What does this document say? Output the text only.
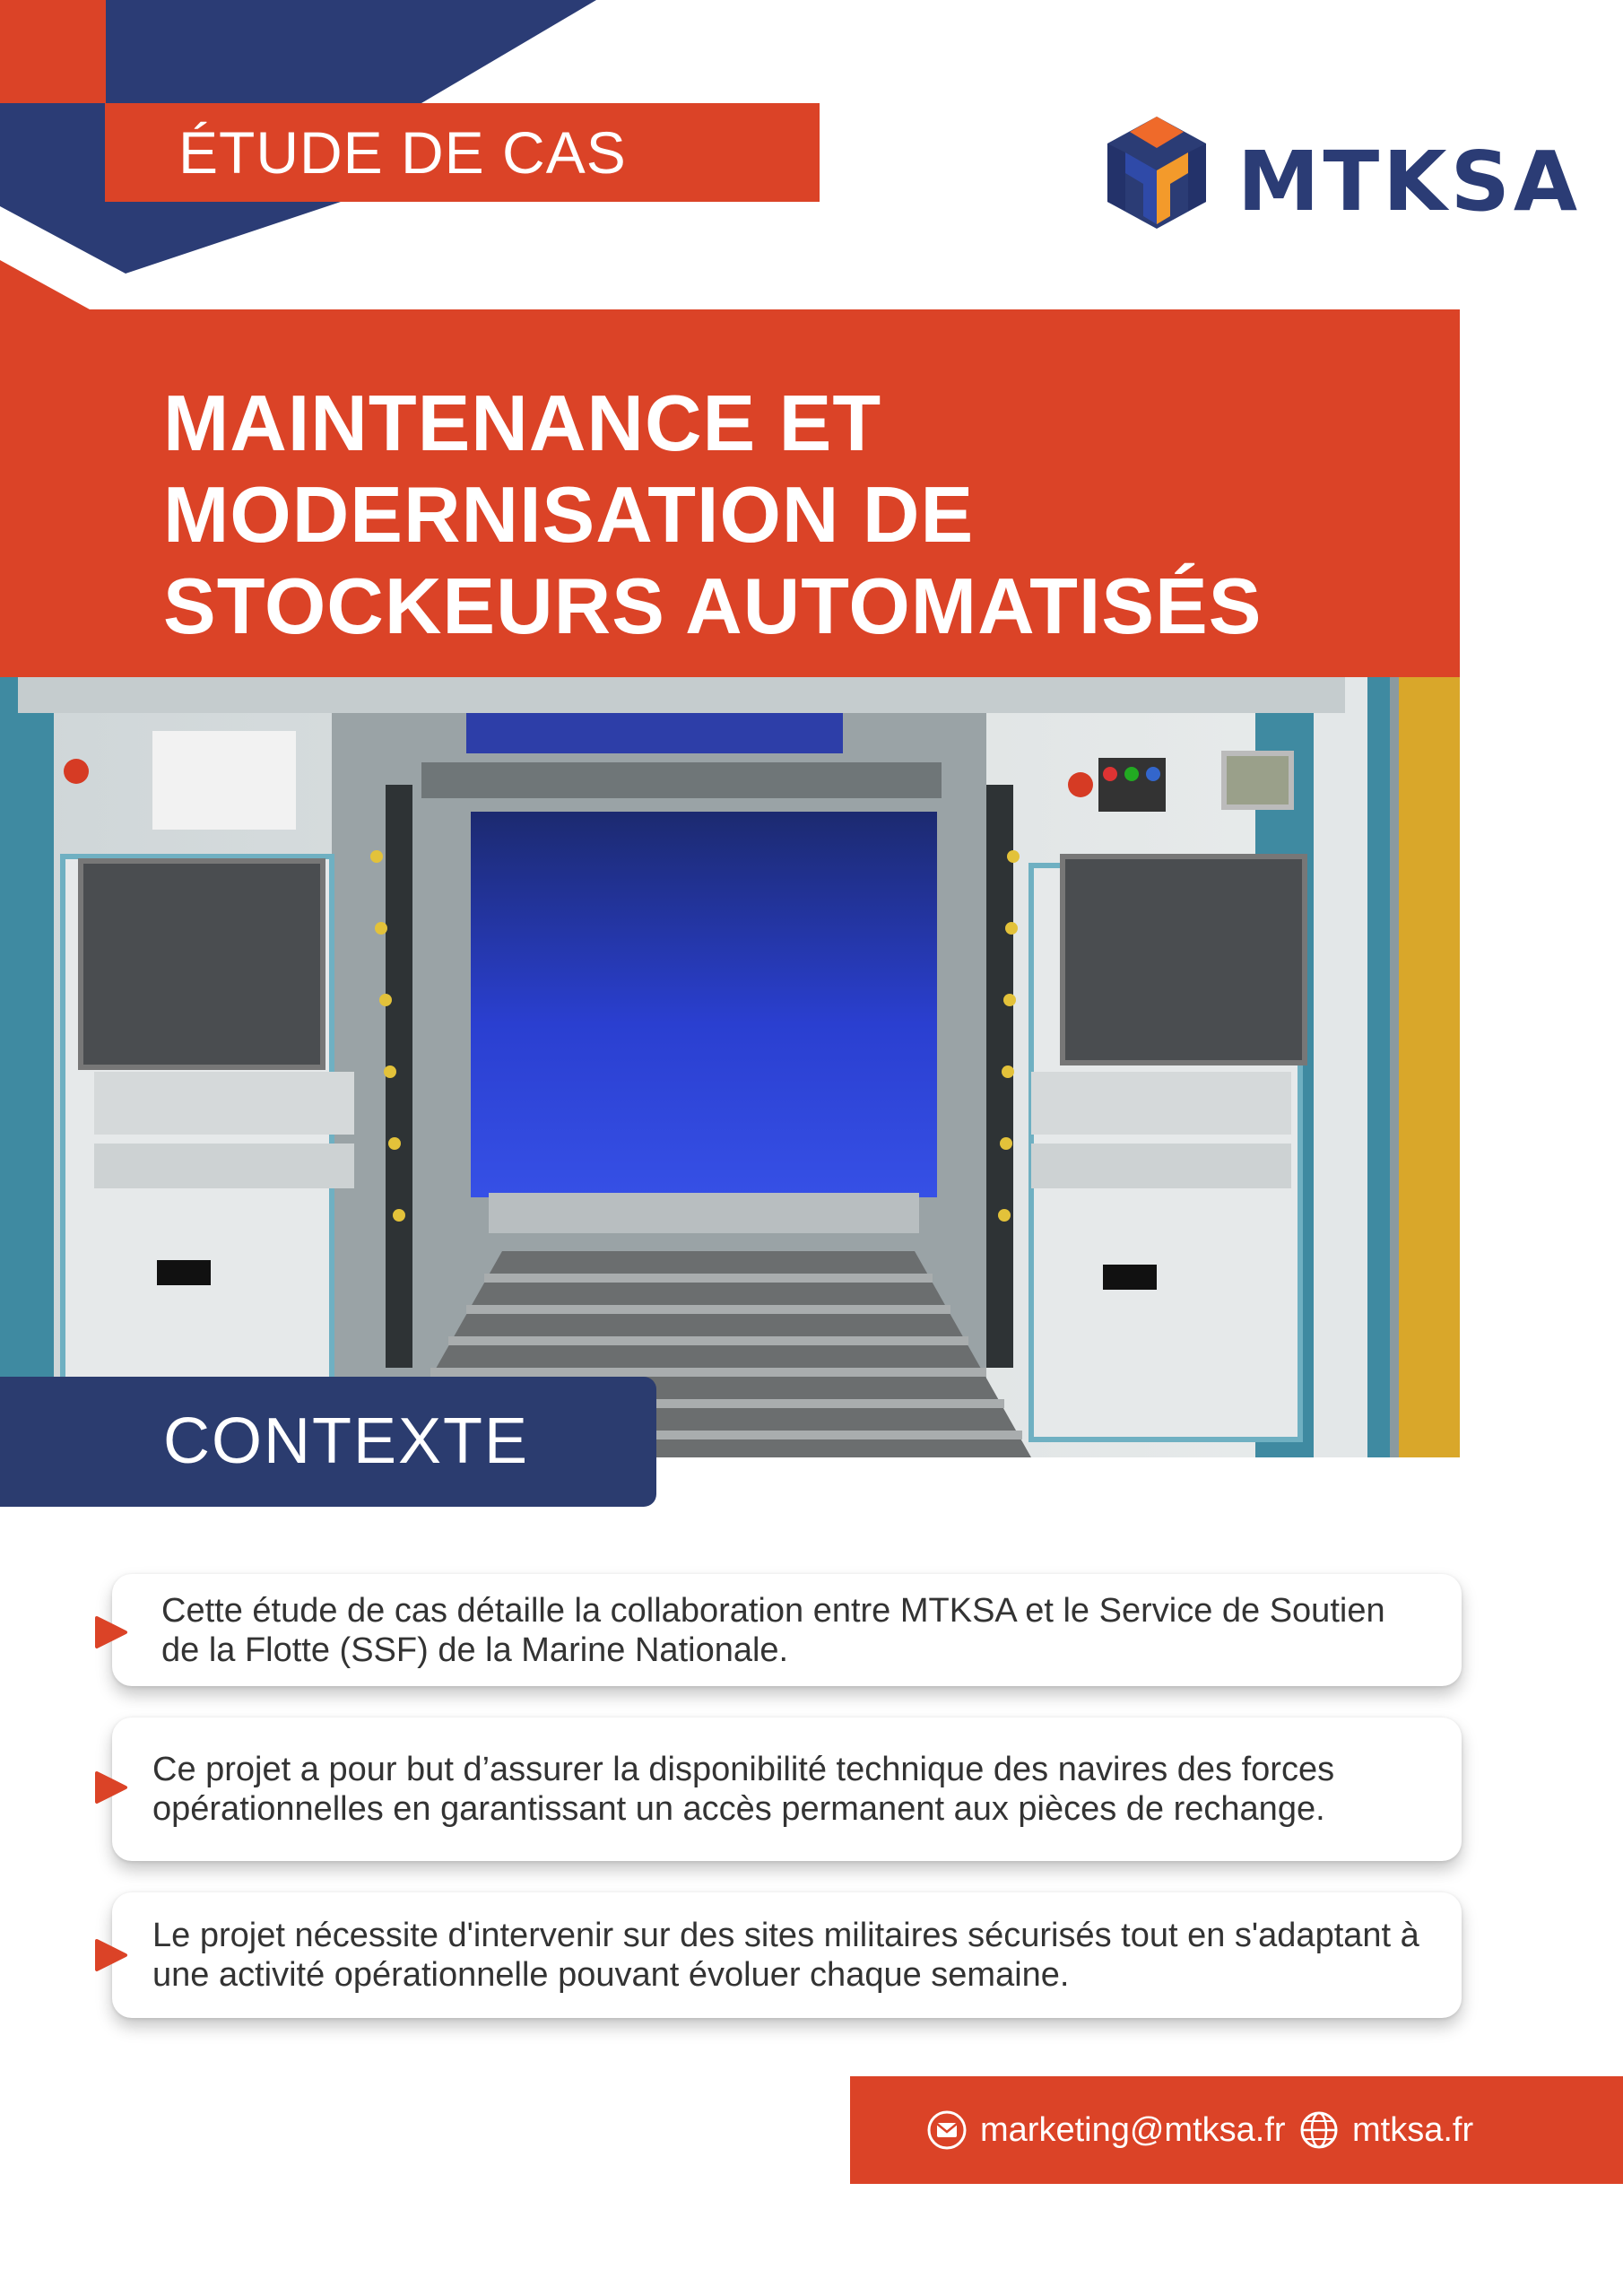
ÉTUDE DE CAS	MTKSA
MAINTENANCE ET
MODERNISATION DE
STOCKEURS AUTOMATISÉS
CONTEXTE
Cette étude de cas détaille la collaboration entre MTKSA et le Service de Soutien de la Flotte (SSF) de la Marine Nationale.
Ce projet a pour but d’assurer la disponibilité technique des navires des forces opérationnelles en garantissant un accès permanent aux pièces de rechange.
Le projet nécessite d'intervenir sur des sites militaires sécurisés tout en s'adaptant à une activité opérationnelle pouvant évoluer chaque semaine.
marketing@mtksa.fr mtksa.fr
